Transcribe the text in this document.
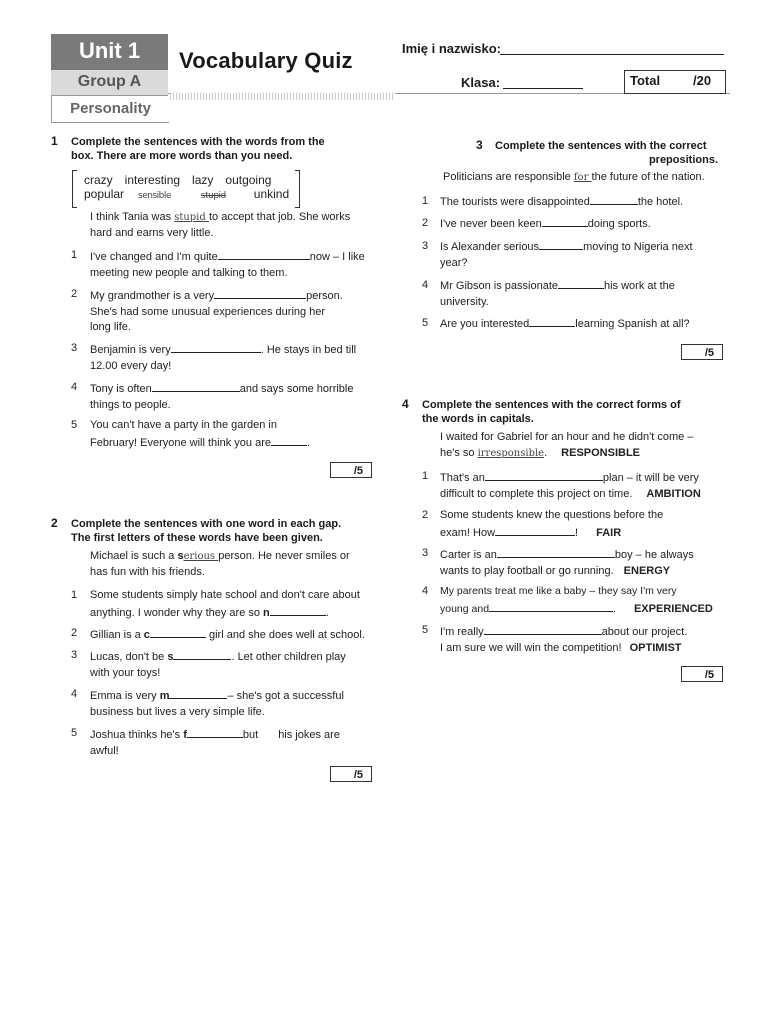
Unit 1
Group A
Personality
Vocabulary Quiz	Imię i nazwisko:
Klasa:	Total	/20
1 Complete the sentences with the words from the
box. There are more words than you need.
crazy interesting lazy outgoing
popular sensible	stupid unkind
I think Tania was stupid to accept that job. She works
hard and earns very little.
1 I've changed and I'm quite	now – I like
meeting new people and talking to them.
2 My grandmother is a very	person.
She's had some unusual experiences during her
long life.
3 Benjamin is very	. He stays in bed till
12.00 every day!
4 Tony is often	and says some horrible
things to people.
5 You can't have a party in the garden in
February! Everyone will think you are	.
/5
2 Complete the sentences with one word in each gap.
The first letters of these words have been given.
Michael is such a serious person. He never smiles or
has fun with his friends.
1 Some students simply hate school and don't care about
anything. I wonder why they are so n	.
2 Gillian is a c	girl and she does well at school.
3 Lucas, don't be s	. Let other children play
with your toys!
4 Emma is very m	– she's got a successful
business but lives a very simple life.
5 Joshua thinks he's f	but his jokes are
awful!
/5
3 Complete the sentences with the correct
prepositions.
Politicians are responsible for the future of the nation.
1 The tourists were disappointed	the hotel.
2 I've never been keen	doing sports.
3 Is Alexander serious	moving to Nigeria next
year?
4 Mr Gibson is passionate	his work at the
university.
5 Are you interested	learning Spanish at all?
/5
4 Complete the sentences with the correct forms of
the words in capitals.
I waited for Gabriel for an hour and he didn't come –
he's so irresponsible. RESPONSIBLE
1 That's an	plan – it will be very
difficult to complete this project on time. AMBITION
2 Some students knew the questions before the
exam! How	! FAIR
3 Carter is an	boy – he always
wants to play football or go running. ENERGY
4 My parents treat me like a baby – they say I'm very
young and	. EXPERIENCED
5 I'm really	about our project.
I am sure we will win the competition! OPTIMIST
/5
